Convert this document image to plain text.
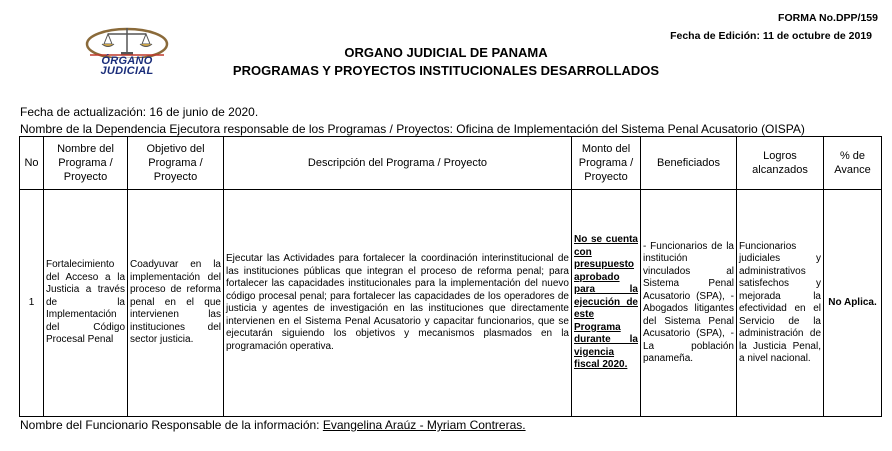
ÓRGANO
JUDICIAL
FORMA No.DPP/159
Fecha de Edición: 11 de octubre de 2019
ORGANO JUDICIAL DE PANAMA
PROGRAMAS Y PROYECTOS INSTITUCIONALES DESARROLLADOS
Fecha de actualización: 16 de junio de 2020.
Nombre de la Dependencia Ejecutora responsable de los Programas / Proyectos: Oficina de Implementación del Sistema Penal Acusatorio (OISPA)
No	Nombre del Programa / Proyecto	Objetivo del Programa / Proyecto	Descripción del Programa / Proyecto	Monto del Programa / Proyecto	Beneficiados	Logros alcanzados	% de Avance
1	Fortalecimiento del Acceso a la Justicia a través de la Implementación del Código Procesal Penal	Coadyuvar en la implementación del proceso de reforma penal en el que intervienen las instituciones del sector justicia.	Ejecutar las Actividades para fortalecer la coordinación interinstitucional de las instituciones públicas que integran el proceso de reforma penal; para fortalecer las capacidades institucionales para la implementación del nuevo código procesal penal; para fortalecer las capacidades de los operadores de justicia y agentes de investigación en las instituciones que directamente intervienen en el Sistema Penal Acusatorio y capacitar funcionarios, que se ejecutarán siguiendo los objetivos y mecanismos plasmados en la programación operativa.	No se cuenta con presupuesto aprobado para la ejecución de este Programa durante la vigencia fiscal 2020.	- Funcionarios de la institución vinculados al Sistema Penal Acusatorio (SPA), - Abogados litigantes del Sistema Penal Acusatorio (SPA), - La población panameña.	Funcionarios judiciales y administrativos satisfechos y mejorada la efectividad en el Servicio de la administración de la Justicia Penal, a nivel nacional.	No Aplica.
Nombre del Funcionario Responsable de la información: Evangelina Araúz - Myriam Contreras.
